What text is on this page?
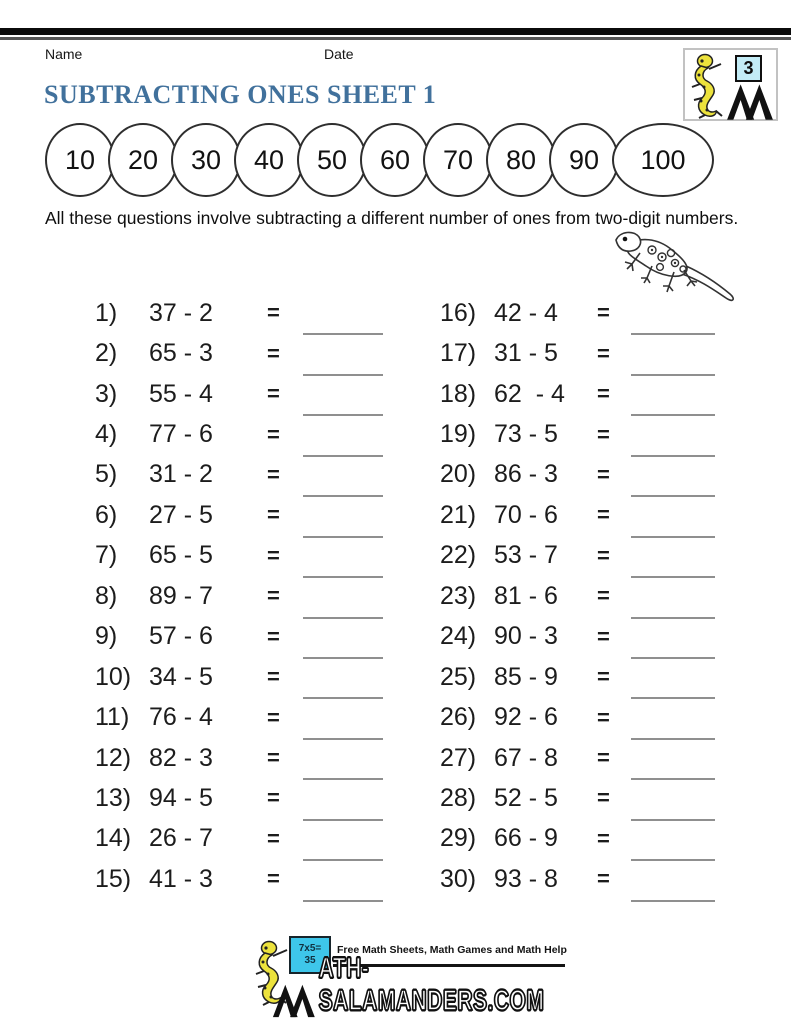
Name	Date
3
SUBTRACTING ONES SHEET 1
10 20 30 40 50 60 70 80 90 100

All these questions involve subtracting a different number of ones from two-digit numbers.

1)	37 - 2	=
2)	65 - 3	=
3)	55 - 4	=
4)	77 - 6	=
5)	31 - 2	=
6)	27 - 5	=
7)	65 - 5	=
8)	89 - 7	=
9)	57 - 6	=
10) 34 - 5	=
11) 76 - 4	=
12) 82 - 3	=
13) 94 - 5	=
14) 26 - 7	=
15) 41 - 3	=
16) 42 - 4	=
17) 31 - 5	=
18) 62  - 4	=
19) 73 - 5	=
20) 86 - 3	=
21) 70 - 6	=
22) 53 - 7	=
23) 81 - 6	=
24) 90 - 3	=
25) 85 - 9	=
26) 92 - 6	=
27) 67 - 8	=
28) 52 - 5	=
29) 66 - 9	=
30) 93 - 8	=
7x5=
35
Free Math Sheets, Math Games and Math Help
ATH-SALAMANDERS.COM
